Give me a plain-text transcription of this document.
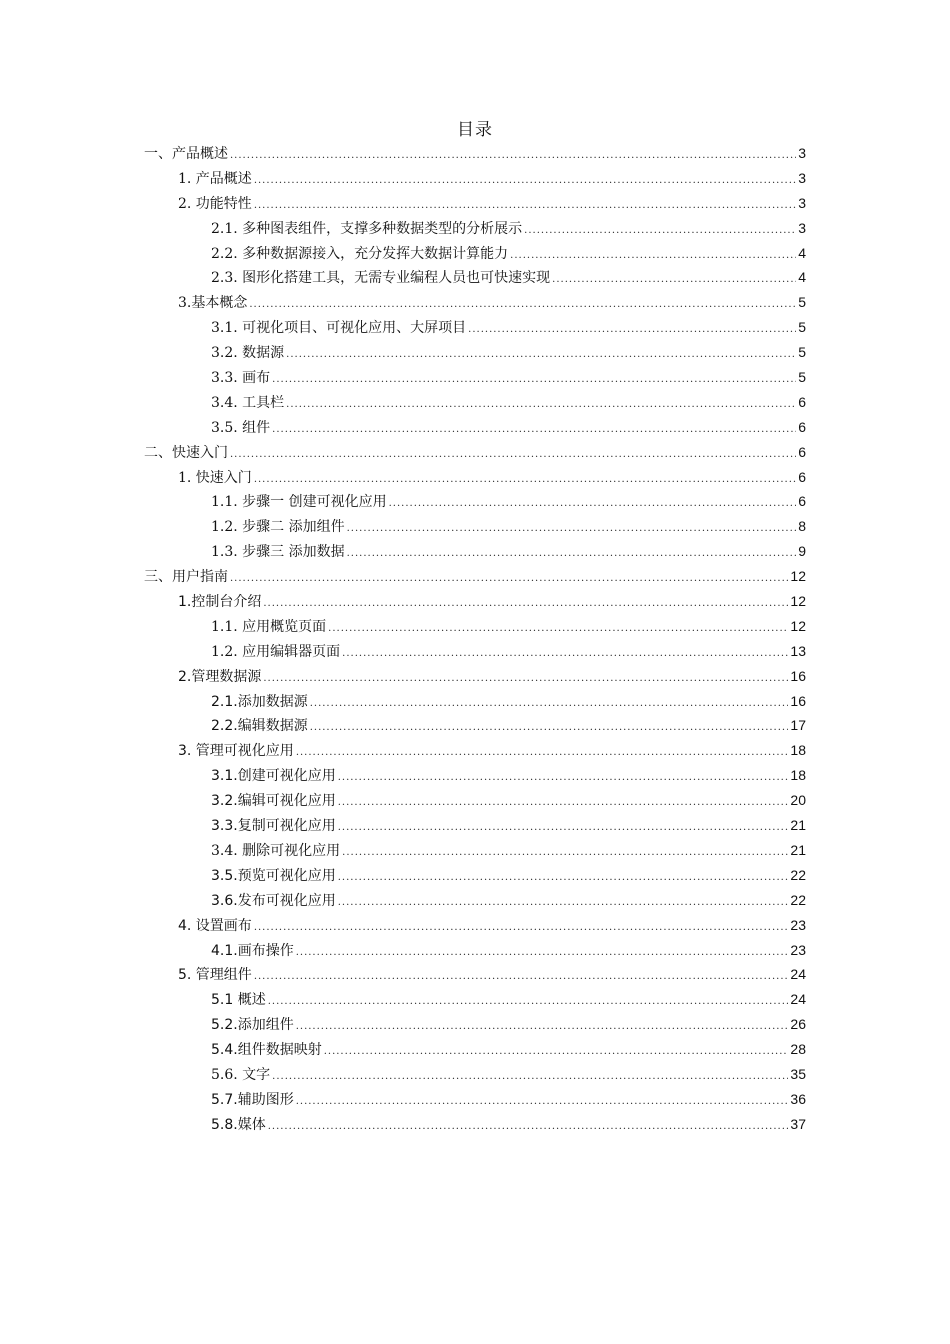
目录
一、产品概述 .....	3
1. 产品概述 .....	3
2. 功能特性 .....	3
2.1. 多种图表组件，支撑多种数据类型的分析展示 .....	3
2.2. 多种数据源接入，充分发挥大数据计算能力 .....	4
2.3. 图形化搭建工具，无需专业编程人员也可快速实现 .....	4
3.基本概念 .....	5
3.1. 可视化项目、可视化应用、大屏项目 .....	5
3.2. 数据源 .....	5
3.3. 画布 .....	5
3.4. 工具栏 .....	6
3.5. 组件 .....	6
二、快速入门 .....	6
1. 快速入门 .....	6
1.1. 步骤一 创建可视化应用 .....	6
1.2. 步骤二 添加组件 .....	8
1.3. 步骤三 添加数据 .....	9
三、用户指南 .....	12
1.控制台介绍 .....	12
1.1. 应用概览页面 .....	12
1.2. 应用编辑器页面 .....	13
2.管理数据源 .....	16
2.1.添加数据源 .....	16
2.2.编辑数据源 .....	17
3. 管理可视化应用 .....	18
3.1.创建可视化应用 .....	18
3.2.编辑可视化应用 .....	20
3.3.复制可视化应用 .....	21
3.4. 删除可视化应用 .....	21
3.5.预览可视化应用 .....	22
3.6.发布可视化应用 .....	22
4. 设置画布 .....	23
4.1.画布操作 .....	23
5. 管理组件 .....	24
5.1 概述 .....	24
5.2.添加组件 .....	26
5.4.组件数据映射 .....	28
5.6. 文字 .....	35
5.7.辅助图形 .....	36
5.8.媒体 .....	37
